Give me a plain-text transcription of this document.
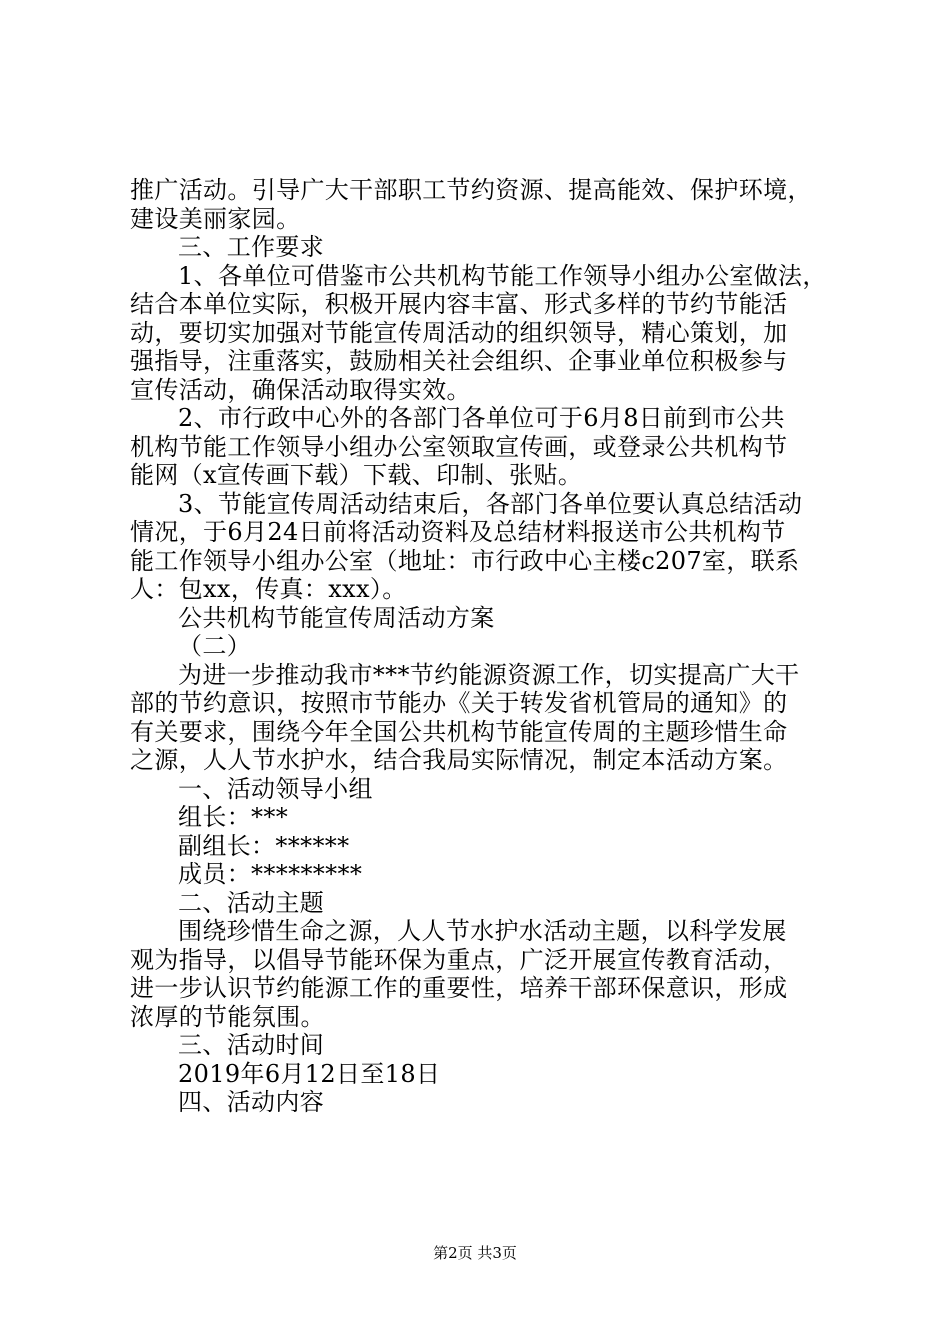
推广活动。引导广大干部职工节约资源、提高能效、保护环境，
建设美丽家园。
三、工作要求
1、各单位可借鉴市公共机构节能工作领导小组办公室做法，
结合本单位实际，积极开展内容丰富、形式多样的节约节能活
动，要切实加强对节能宣传周活动的组织领导，精心策划，加
强指导，注重落实，鼓励相关社会组织、企事业单位积极参与
宣传活动，确保活动取得实效。
2、市行政中心外的各部门各单位可于6月8日前到市公共
机构节能工作领导小组办公室领取宣传画，或登录公共机构节
能网（x宣传画下载）下载、印制、张贴。
3、节能宣传周活动结束后，各部门各单位要认真总结活动
情况，于6月24日前将活动资料及总结材料报送市公共机构节
能工作领导小组办公室（地址：市行政中心主楼c207室，联系
人：包xx，传真：xxx）。
公共机构节能宣传周活动方案
（二）
为进一步推动我市***节约能源资源工作，切实提高广大干
部的节约意识，按照市节能办《关于转发省机管局的通知》的
有关要求，围绕今年全国公共机构节能宣传周的主题珍惜生命
之源，人人节水护水，结合我局实际情况，制定本活动方案。
一、活动领导小组
组长：***
副组长：******
成员：*********
二、活动主题
围绕珍惜生命之源，人人节水护水活动主题，以科学发展
观为指导，以倡导节能环保为重点，广泛开展宣传教育活动，
进一步认识节约能源工作的重要性，培养干部环保意识，形成
浓厚的节能氛围。
三、活动时间
2019年6月12日至18日
四、活动内容
第2页 共3页
